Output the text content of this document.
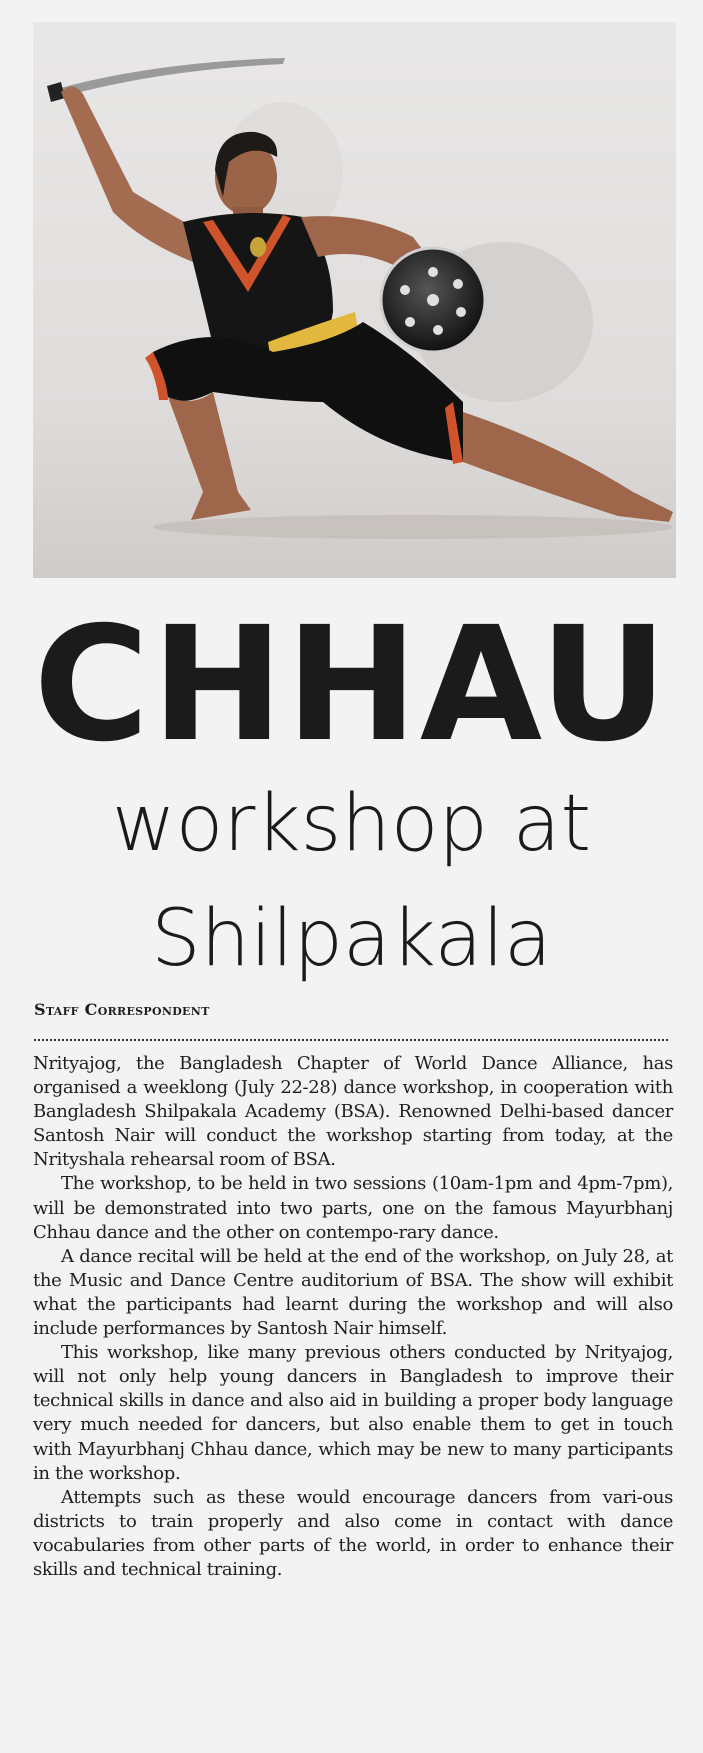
CHHAU
workshop at
Shilpakala
Staff Correspondent

Nrityajog, the Bangladesh Chapter of World Dance Alliance, has organised a weeklong (July 22-28) dance workshop, in cooperation with Bangladesh Shilpakala Academy (BSA). Renowned Delhi-based dancer Santosh Nair will conduct the workshop starting from today, at the Nrityshala rehearsal room of BSA.

The workshop, to be held in two sessions (10am-1pm and 4pm-7pm), will be demonstrated into two parts, one on the famous Mayurbhanj Chhau dance and the other on contempo-rary dance.

A dance recital will be held at the end of the workshop, on July 28, at the Music and Dance Centre auditorium of BSA. The show will exhibit what the participants had learnt during the workshop and will also include performances by Santosh Nair himself.

This workshop, like many previous others conducted by Nrityajog, will not only help young dancers in Bangladesh to improve their technical skills in dance and also aid in building a proper body language very much needed for dancers, but also enable them to get in touch with Mayurbhanj Chhau dance, which may be new to many participants in the workshop.

Attempts such as these would encourage dancers from vari-ous districts to train properly and also come in contact with dance vocabularies from other parts of the world, in order to enhance their skills and technical training.
